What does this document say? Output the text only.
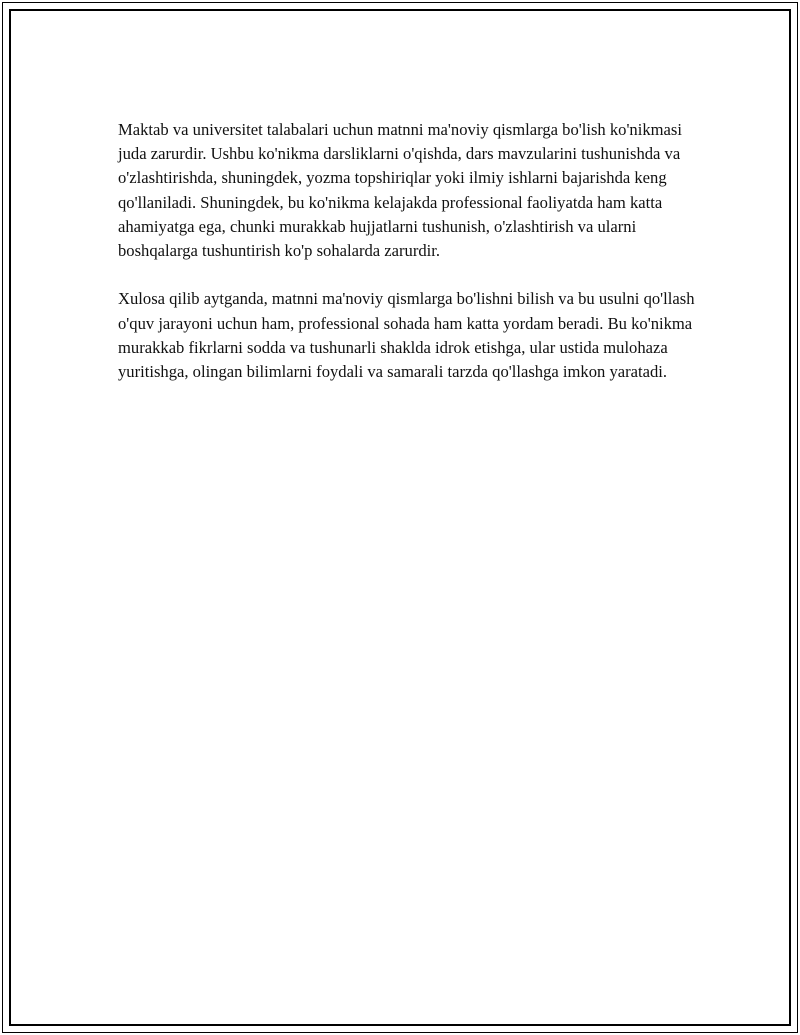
Maktab va universitet talabalari uchun matnni ma'noviy qismlarga bo'lish ko'nikmasi juda zarurdir. Ushbu ko'nikma darsliklarni o'qishda, dars mavzularini tushunishda va o'zlashtirishda, shuningdek, yozma topshiriqlar yoki ilmiy ishlarni bajarishda keng qo'llaniladi. Shuningdek, bu ko'nikma kelajakda professional faoliyatda ham katta ahamiyatga ega, chunki murakkab hujjatlarni tushunish, o'zlashtirish va ularni boshqalarga tushuntirish ko'p sohalarda zarurdir.

Xulosa qilib aytganda, matnni ma'noviy qismlarga bo'lishni bilish va bu usulni qo'llash o'quv jarayoni uchun ham, professional sohada ham katta yordam beradi. Bu ko'nikma murakkab fikrlarni sodda va tushunarli shaklda idrok etishga, ular ustida mulohaza yuritishga, olingan bilimlarni foydali va samarali tarzda qo'llashga imkon yaratadi.
